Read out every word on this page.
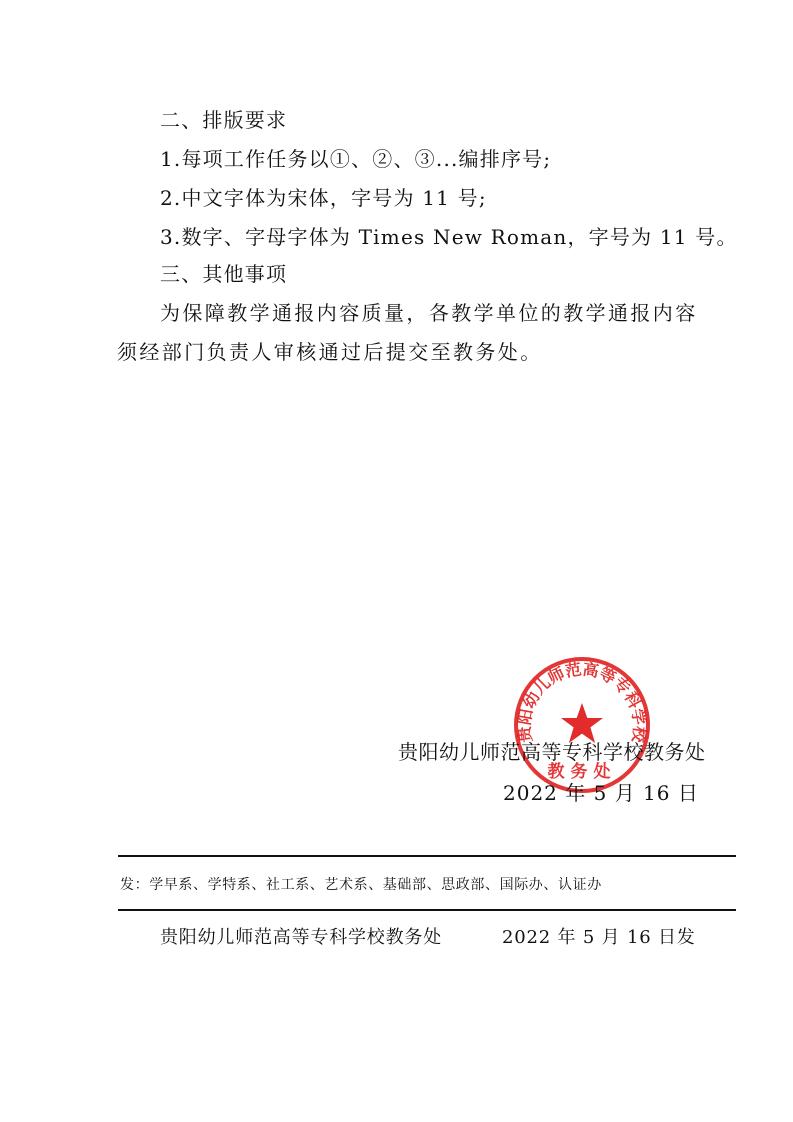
二、排版要求
1.每项工作任务以①、②、③...编排序号;
2.中文字体为宋体，字号为 11 号;
3.数字、字母字体为 Times New Roman，字号为 11 号。
三、其他事项
为保障教学通报内容质量，各教学单位的教学通报内容
须经部门负责人审核通过后提交至教务处。
贵阳幼儿师范高等专科学校
教务处
贵阳幼儿师范高等专科学校教务处
2022 年 5 月 16 日
发：学早系、学特系、社工系、艺术系、基础部、思政部、国际办、认证办
贵阳幼儿师范高等专科学校教务处	2022 年 5 月 16 日发
